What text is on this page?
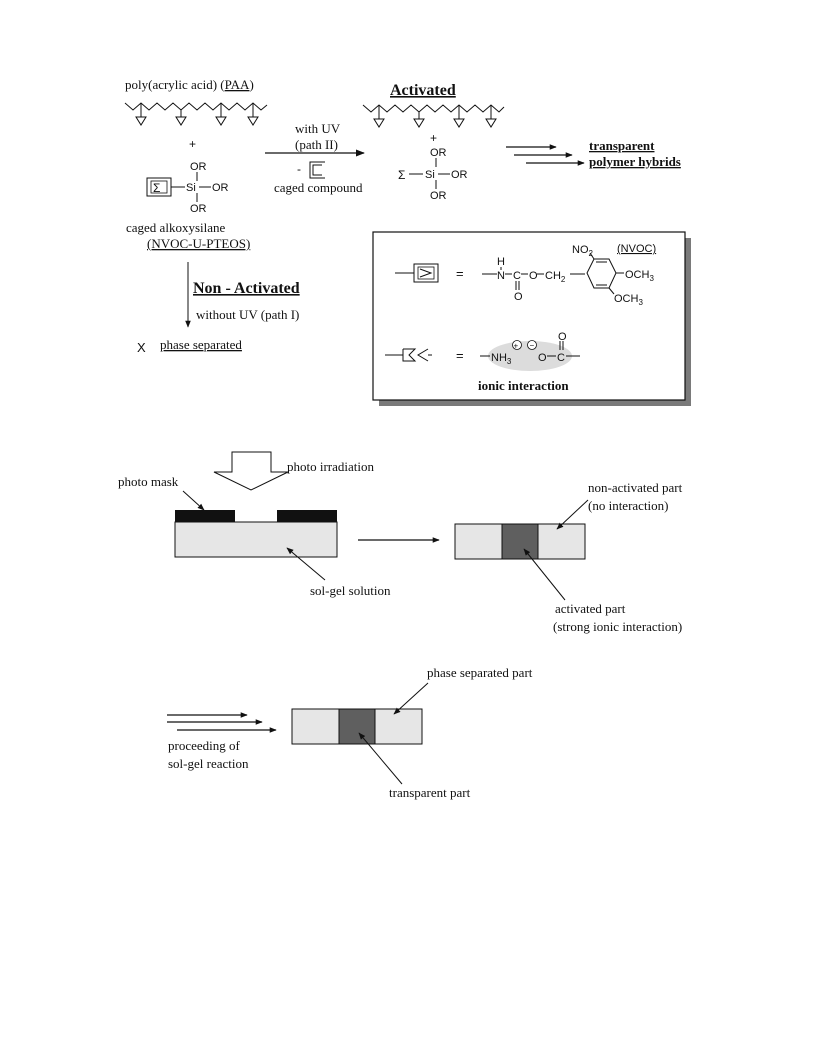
poly(acrylic acid) (PAA)
+
OR
Σ Si OR
OR
caged alkoxysilane
(NVOC-U-PTEOS)
with UV
(path II)
-
caged compound
Activated
+
OR
Σ Si OR
OR
transparent
polymer hybrids
Non - Activated
without UV (path I)
X phase separated
=
H
N C
O
O $CH_2$
$NO_2$
$OCH_3$
$OCH_3$
(NVOC)
= $NH_3$
+ −
O C
O
ionic interaction
photo irradiation
photo mask
sol-gel solution
non-activated part
(no interaction)
activated part
(strong ionic interaction)
proceeding of
sol-gel reaction
phase separated part
transparent part
